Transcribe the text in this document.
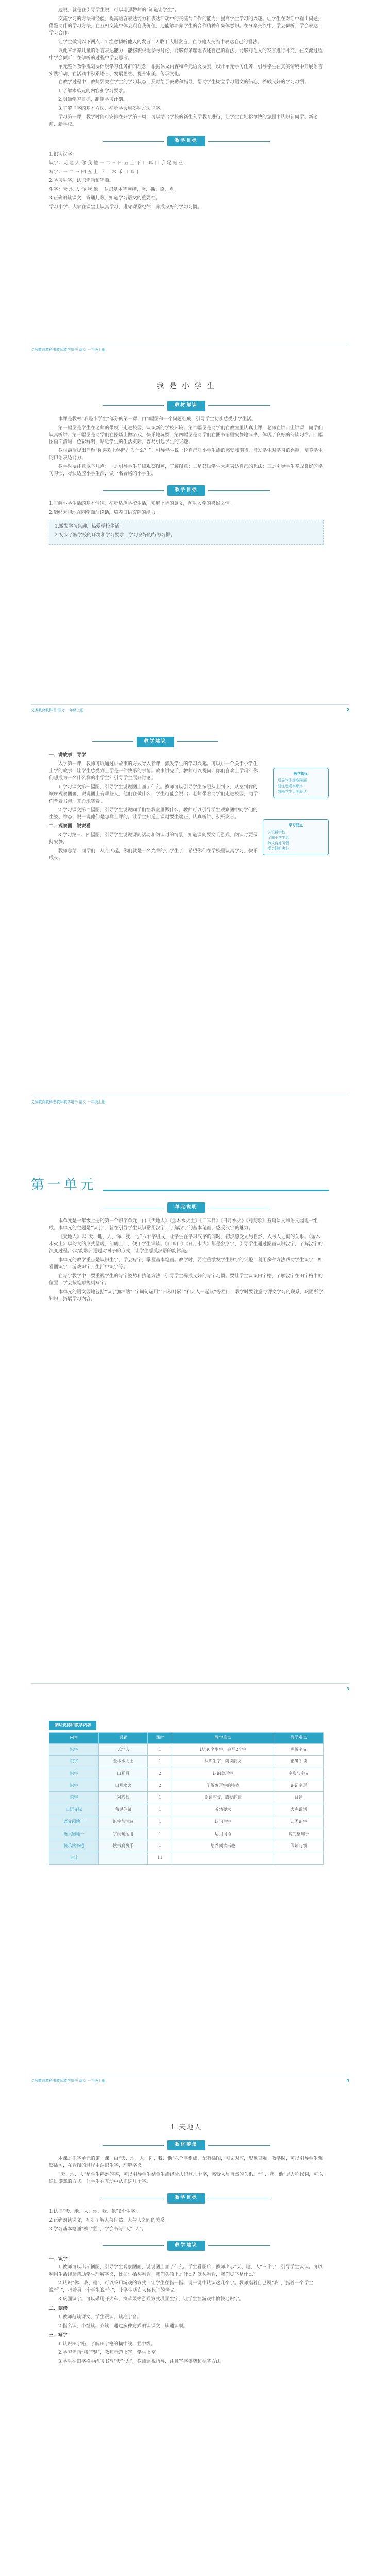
边说，就是在引导学生说，可以增强教师的“知道让学生”。

交流学习的方法和经验，提高语言表达能力和表达活动中的交流与合作的能力，提高学生学习的兴趣。让学生在对话中看出问题，借鉴同伴的学习方法，在互相交流中体会到自我价值，还能够培养学生的合作精神和集体意识。在分享交流中，学会倾听、学会表达、学会合作。

让学生做到以下两点：1.注意倾听他人的发言；2.敢于大胆发言，在与他人交流中表达自己的看法。

以此来培养儿童的语言表达能力，能够积极地参与讨论，能够有条理地表述自己的看法，能够对他人的发言进行补充，在交流过程中学会倾听，在倾听的过程中学会思考。

单元整体教学规划要体现学习任务群的理念，根据课文内容和单元语文要素，设计单元学习任务，引导学生在真实情境中开展语言实践活动，在活动中积累语言、发展思维、提升审美、传承文化。

在教学过程中，教师要关注学生的学习状态，及时给予鼓励和指导，帮助学生树立学习语文的信心，养成良好的学习习惯。

1.了解本单元的内容和学习要求。

2.明确学习目标，制定学习计划。

3.了解识字的基本方法，初步学会用多种方法识字。

学习第一课，教学时间可安排在开学第一周，可以结合学校的新生入学教育进行，让学生在轻松愉快的氛围中认识新同学、新老师、新学校。

教学目标

1.识认汉字：

认字：天 地 人 你 我 他 一 二 三 四 五 上 下 口 耳 目 手 足 站 坐

写字：一 二 三 四 五 上 下 十 木 禾 口 耳 目

2.学习生字，认识笔画和笔顺。

生字：天 地 人 你 我 他 ，认识基本笔画横、竖、撇、捺、点。

3.正确朗读课文，背诵儿歌，知道学习语文的重要性。

学习小学：大家在课堂上认真学习，遵守课堂纪律，养成良好的学习习惯。

义务教育教科书教师教学用书 语文 一年级上册
我 是 小 学 生
教材解读

本课是教材“我是小学生”部分的第一课，由4幅图和一个问题组成，引导学生初步感受小学生活。

第一幅图是学生在老师的带领下走进校园，认识新的学校环境；第二幅图是同学们在教室里认真上课，老师在讲台上讲课，同学们认真听讲；第三幅图是同学们在操场上做游戏，快乐地玩耍；第四幅图是同学们在图书馆里安静地读书，体现了良好的阅读习惯。四幅图画面清晰，色彩鲜明，贴近学生的生活实际，容易引起学生的兴趣。

教材最后提出问题“你喜欢上学吗？为什么？”，引导学生说一说自己对小学生活的感受和期待，激发学生对学习的兴趣，培养学生的口语表达能力。

教学时要注意以下几点：一是引导学生仔细观察图画，了解图意；二是鼓励学生大胆表达自己的想法；三是引导学生养成良好的学习习惯，尽快适应小学生活，做一名合格的小学生。

教学目标

1.了解小学生活的基本情况，初步适应学校生活，知道上学的意义，萌生入学的喜悦之情。

2.能够大胆地在同学面前说话，培养口语交际的能力。

1.激发学习兴趣，热爱学校生活。

2.初步了解学校的环境和学习要求，学习良好的行为习惯。

义务教育教科书 语文 一年级上册	2
教学建议

一、讲故事，导学

入学第一课，教师可以通过讲故事的方式导入新课，激发学生的学习兴趣。可以讲一个关于小学生上学的故事，让学生感受到上学是一件快乐的事情。故事讲完后，教师可以提问：你们喜欢上学吗？你们想成为一名什么样的小学生？引导学生展开讨论。

1.学习课文第一幅图，引导学生说说图上画了什么。教师可以引导学生按照从上到下、从左到右的顺序观察图画，说说图上有哪些人，他们在做什么，学生可能会说出：老师带着同学们走进校园，同学们背着书包，开心地笑着。

2.学习课文第二幅图，引导学生说说同学们在教室里做什么。教师可以引导学生观察图中同学们的坐姿、神态，说一说他们是怎样上课的。让学生知道上课时要坐端正、认真听讲、积极发言。

二、观察图，说说看

3.学习第三、四幅图，引导学生说说课间活动和阅读时的情景，知道课间要文明游戏，阅读时要保持安静。

教师总结：同学们，从今天起，你们就是一名光荣的小学生了，希望你们在学校里认真学习，快乐成长。

教学提示
引导学生观察图画
要注意观察顺序
鼓励学生大胆表达
学习要点
认识新学校
了解小学生活
养成良好习惯
学会倾听表达
义务教育教科书教师教学用书 语文 一年级上册
第一单元
单元说明

本单元是一年级上册的第一个识字单元，由《天地人》《金木水火土》《口耳目》《日月水火》《对韵歌》五篇课文和语文园地一组成。本单元的主题是“识字”，旨在引导学生认识常用汉字，了解汉字的基本笔画，感受汉字的魅力。

《天地人》以“天、地、人、你、我、他”六个字组成，让学生在学习汉字的同时，初步感受人与自然、人与人之间的关系。《金木水火土》以韵文的形式呈现，朗朗上口，便于学生诵读。《口耳目》《日月水火》都是象形字，引导学生通过图画认识汉字，了解汉字的演变过程。《对韵歌》通过对对子的形式，让学生感受汉语的韵律美。

本单元的教学重点是认识生字，学会写字，掌握基本笔画。教学时，要注重激发学生识字的兴趣，利用多种方法帮助学生识字，如看图识字、游戏识字、生活中识字等。

在写字教学中，要重视学生的写字姿势和执笔方法，引导学生养成良好的写字习惯。要让学生认识田字格，了解汉字在田字格中的位置，学会按笔顺规则写字。

本单元的语文园地包括“识字加油站”“字词句运用”“日积月累”“和大人一起读”等栏目，教学时要注意与课文学习的联系，巩固所学知识，拓展学习内容。

3
课时安排和教学内容
内容	课题	课时	教学重点	教学难点
识字	天地人	1	认识6个生字，会写2个字	理解字义
识字	金木水火土	1	认识生字，朗读韵文	正确朗读
识字	口耳目	2	认识象形字	字形与字义
识字	日月水火	2	了解象形字的特点	识记字形
识字	对韵歌	1	朗读韵文，感受韵律	背诵
口语交际	我说你做	1	听清要求	大声说话
语文园地一	识字加油站	1	认识生字	归类识字
语文园地一	字词句运用	1	运用词语	说完整句子
快乐读书吧	读书真快乐	1	培养阅读兴趣	阅读习惯
合计		11		
义务教育教科书教师教学用书 语文 一年级上册	4
1 天地人
教材解读

本课是识字单元的第一课，由“天、地、人、你、我、他”六个字组成，配有插图，图文对应，形象直观。教学时，可以引导学生观察插图，在看图的过程中认识生字，理解字义。

“天、地、人”是学生熟悉的字，可以引导学生结合生活经验认识这几个字，感受人与自然的关系。“你、我、他”是人称代词，可以通过游戏的方式，让学生在互动中认识这几个字。

教学目标

1.认识“天、地、人、你、我、他”6个生字。

2.正确朗读课文，初步了解人与自然、人与人之间的关系。

3.学习基本笔画“横”“竖”，学会书写“天”“人”。

教学建议

一、识字

1.教师可以出示插图，引导学生观察图画，说说图上画了什么。学生看图后，教师出示“天、地、人”三个字，引导学生认读。可以利用生活经验帮助学生理解字义，比如：抬头看看，我们头顶上是什么？低头看看，我们脚下是什么？

2.认识“你、我、他”，可以采用游戏的方式，让学生在指一指、说一说中认识这几个字。教师指着自己说“我”，指着一个学生说“你”，指着另一个学生说“他”，让学生明白人称代词的含义。

3.巩固识字。可以采用开火车、摘苹果等游戏方式巩固生字，让学生在游戏中愉快地识字。

二、朗读

1.教师范读课文，学生跟读，读准字音。

2.指名读、小组读、齐读，通过多种方式朗读课文，读通读顺。

三、写字

1.认识田字格，了解田字格的横中线、竖中线。

2.学习笔画“横”“竖”，教师示范书写，学生书空。

3.学生在田字格中练习书写“天”“人”，教师巡视指导，注意写字姿势和执笔方法。
